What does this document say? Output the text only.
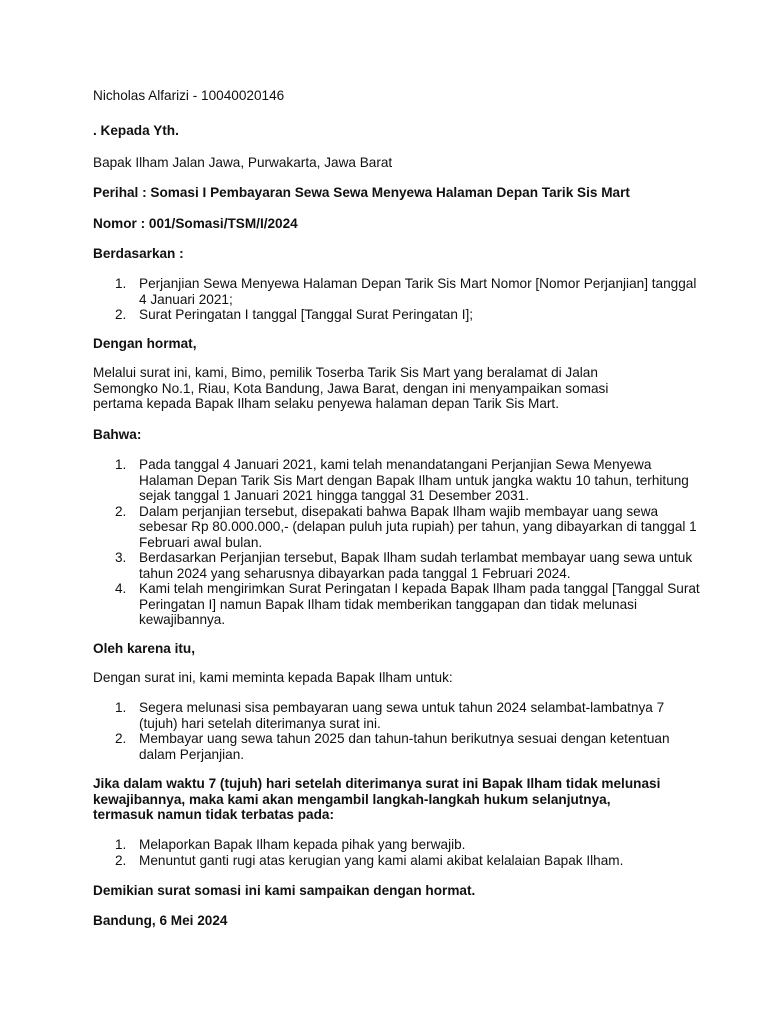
Nicholas Alfarizi - 10040020146

. Kepada Yth.

Bapak Ilham Jalan Jawa, Purwakarta, Jawa Barat

Perihal : Somasi I Pembayaran Sewa Sewa Menyewa Halaman Depan Tarik Sis Mart

Nomor : 001/Somasi/TSM/I/2024

Berdasarkan :

1. Perjanjian Sewa Menyewa Halaman Depan Tarik Sis Mart Nomor [Nomor Perjanjian] tanggal 4 Januari 2021;
2. Surat Peringatan I tanggal [Tanggal Surat Peringatan I];

Dengan hormat,

Melalui surat ini, kami, Bimo, pemilik Toserba Tarik Sis Mart yang beralamat di Jalan Semongko No.1, Riau, Kota Bandung, Jawa Barat, dengan ini menyampaikan somasi pertama kepada Bapak Ilham selaku penyewa halaman depan Tarik Sis Mart.

Bahwa:

1. Pada tanggal 4 Januari 2021, kami telah menandatangani Perjanjian Sewa Menyewa Halaman Depan Tarik Sis Mart dengan Bapak Ilham untuk jangka waktu 10 tahun, terhitung sejak tanggal 1 Januari 2021 hingga tanggal 31 Desember 2031.
2. Dalam perjanjian tersebut, disepakati bahwa Bapak Ilham wajib membayar uang sewa sebesar Rp 80.000.000,- (delapan puluh juta rupiah) per tahun, yang dibayarkan di tanggal 1 Februari awal bulan.
3. Berdasarkan Perjanjian tersebut, Bapak Ilham sudah terlambat membayar uang sewa untuk tahun 2024 yang seharusnya dibayarkan pada tanggal 1 Februari 2024.
4. Kami telah mengirimkan Surat Peringatan I kepada Bapak Ilham pada tanggal [Tanggal Surat Peringatan I] namun Bapak Ilham tidak memberikan tanggapan dan tidak melunasi kewajibannya.

Oleh karena itu,

Dengan surat ini, kami meminta kepada Bapak Ilham untuk:

1. Segera melunasi sisa pembayaran uang sewa untuk tahun 2024 selambat-lambatnya 7 (tujuh) hari setelah diterimanya surat ini.
2. Membayar uang sewa tahun 2025 dan tahun-tahun berikutnya sesuai dengan ketentuan dalam Perjanjian.

Jika dalam waktu 7 (tujuh) hari setelah diterimanya surat ini Bapak Ilham tidak melunasi kewajibannya, maka kami akan mengambil langkah-langkah hukum selanjutnya, termasuk namun tidak terbatas pada:

1. Melaporkan Bapak Ilham kepada pihak yang berwajib.
2. Menuntut ganti rugi atas kerugian yang kami alami akibat kelalaian Bapak Ilham.

Demikian surat somasi ini kami sampaikan dengan hormat.

Bandung, 6 Mei 2024
